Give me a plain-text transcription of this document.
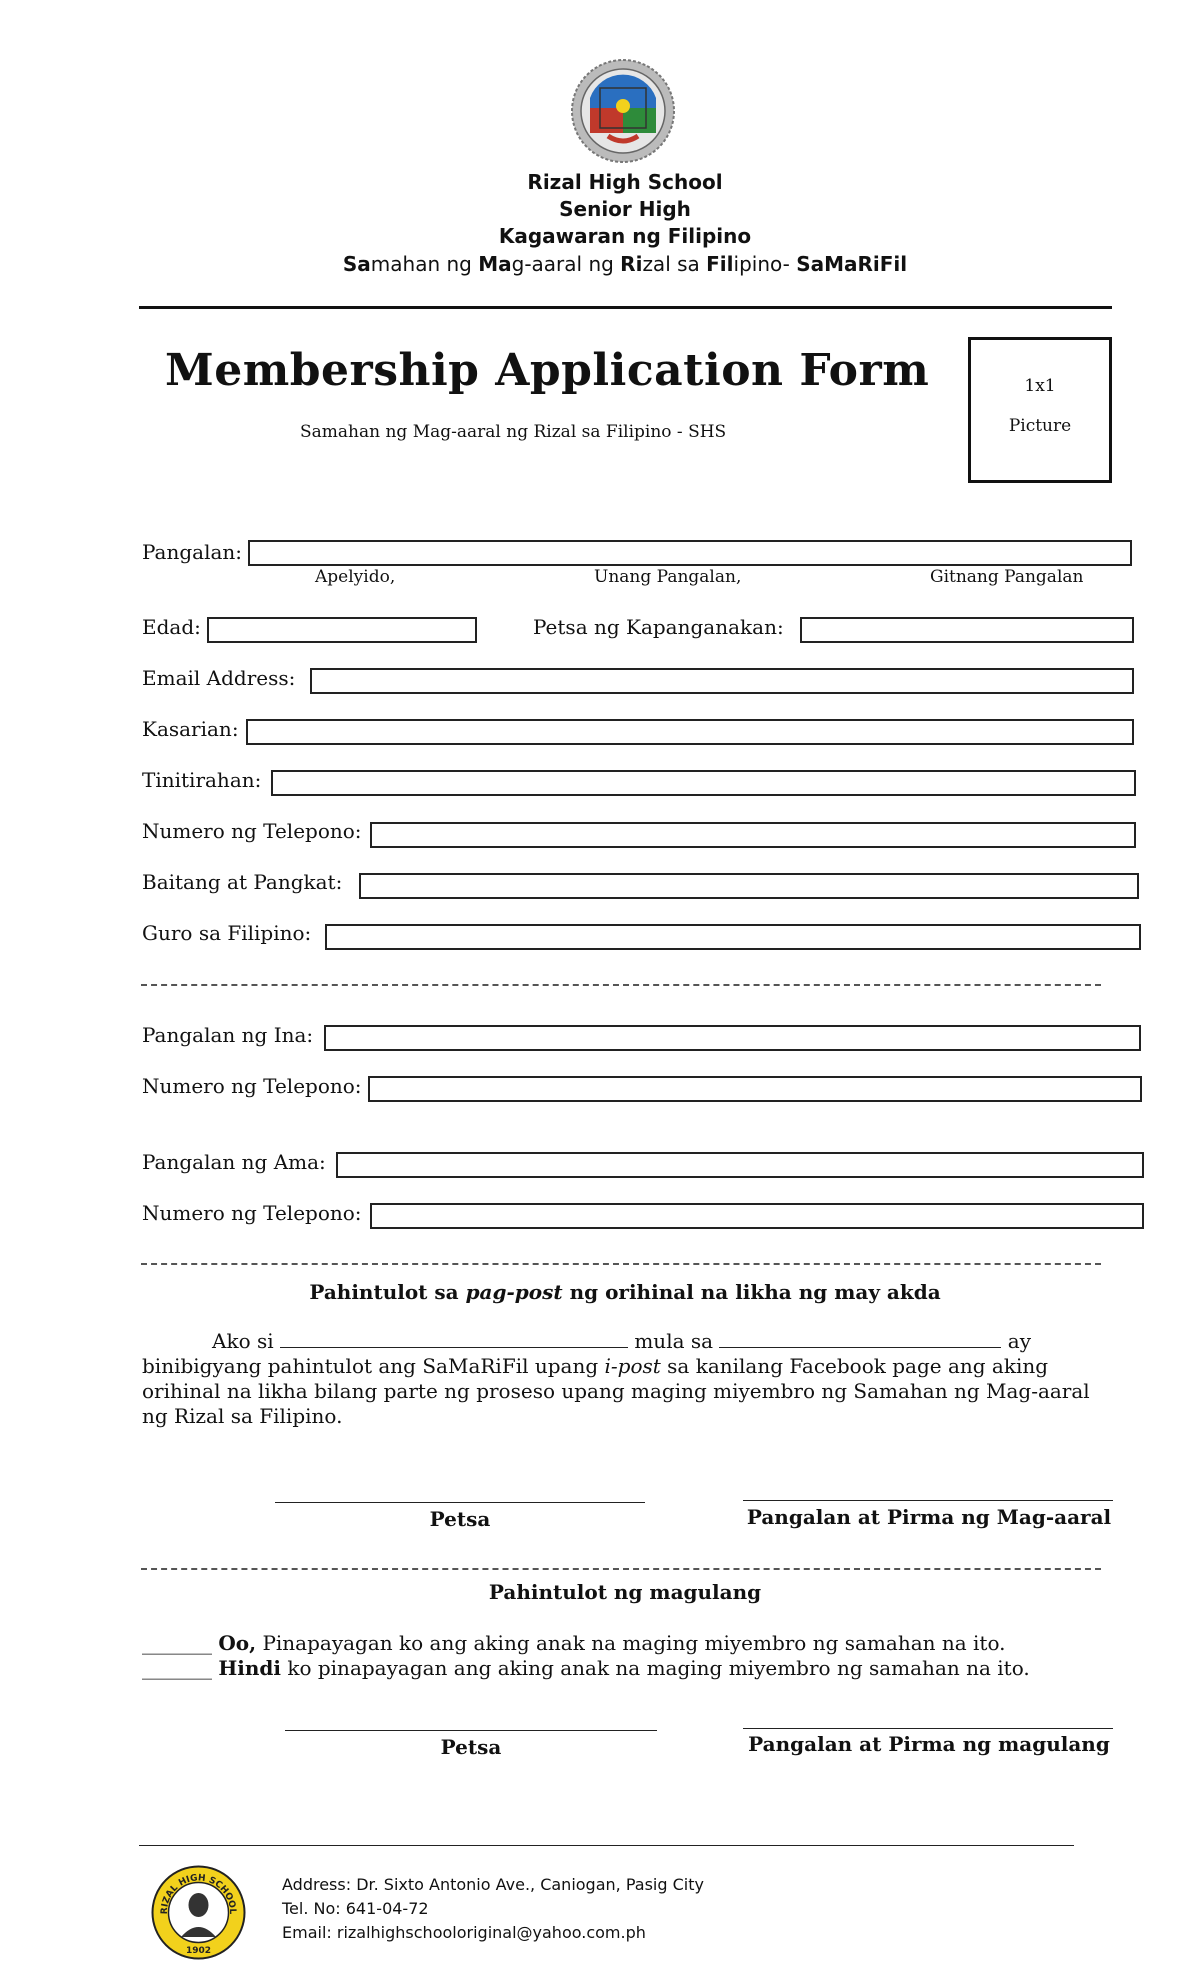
Rizal High School
Senior High
Kagawaran ng Filipino
Samahan ng Mag-aaral ng Rizal sa Filipino- SaMaRiFil
Membership Application Form
Samahan ng Mag-aaral ng Rizal sa Filipino - SHS
1x1
Picture
Pangalan:
Apelyido,	Unang Pangalan,	Gitnang Pangalan
Edad:	Petsa ng Kapanganakan:
Email Address:
Kasarian:
Tinitirahan:
Numero ng Telepono:
Baitang at Pangkat:
Guro sa Filipino:
Pangalan ng Ina:
Numero ng Telepono:
Pangalan ng Ama:
Numero ng Telepono:
Pahintulot sa pag-post ng orihinal na likha ng may akda
Ako si	mula sa	ay
binibigyang pahintulot ang SaMaRiFil upang i-post sa kanilang Facebook page ang aking orihinal na likha bilang parte ng proseso upang maging miyembro ng Samahan ng Mag-aaral ng Rizal sa Filipino.
Petsa	Pangalan at Pirma ng Mag-aaral
Pahintulot ng magulang
_______ Oo, Pinapayagan ko ang aking anak na maging miyembro ng samahan na ito.
_______ Hindi ko pinapayagan ang aking anak na maging miyembro ng samahan na ito.
Petsa	Pangalan at Pirma ng magulang
RIZAL HIGH SCHOOL
1902
Address: Dr. Sixto Antonio Ave., Caniogan, Pasig City
Tel. No: 641-04-72
Email: rizalhighschooloriginal@yahoo.com.ph
